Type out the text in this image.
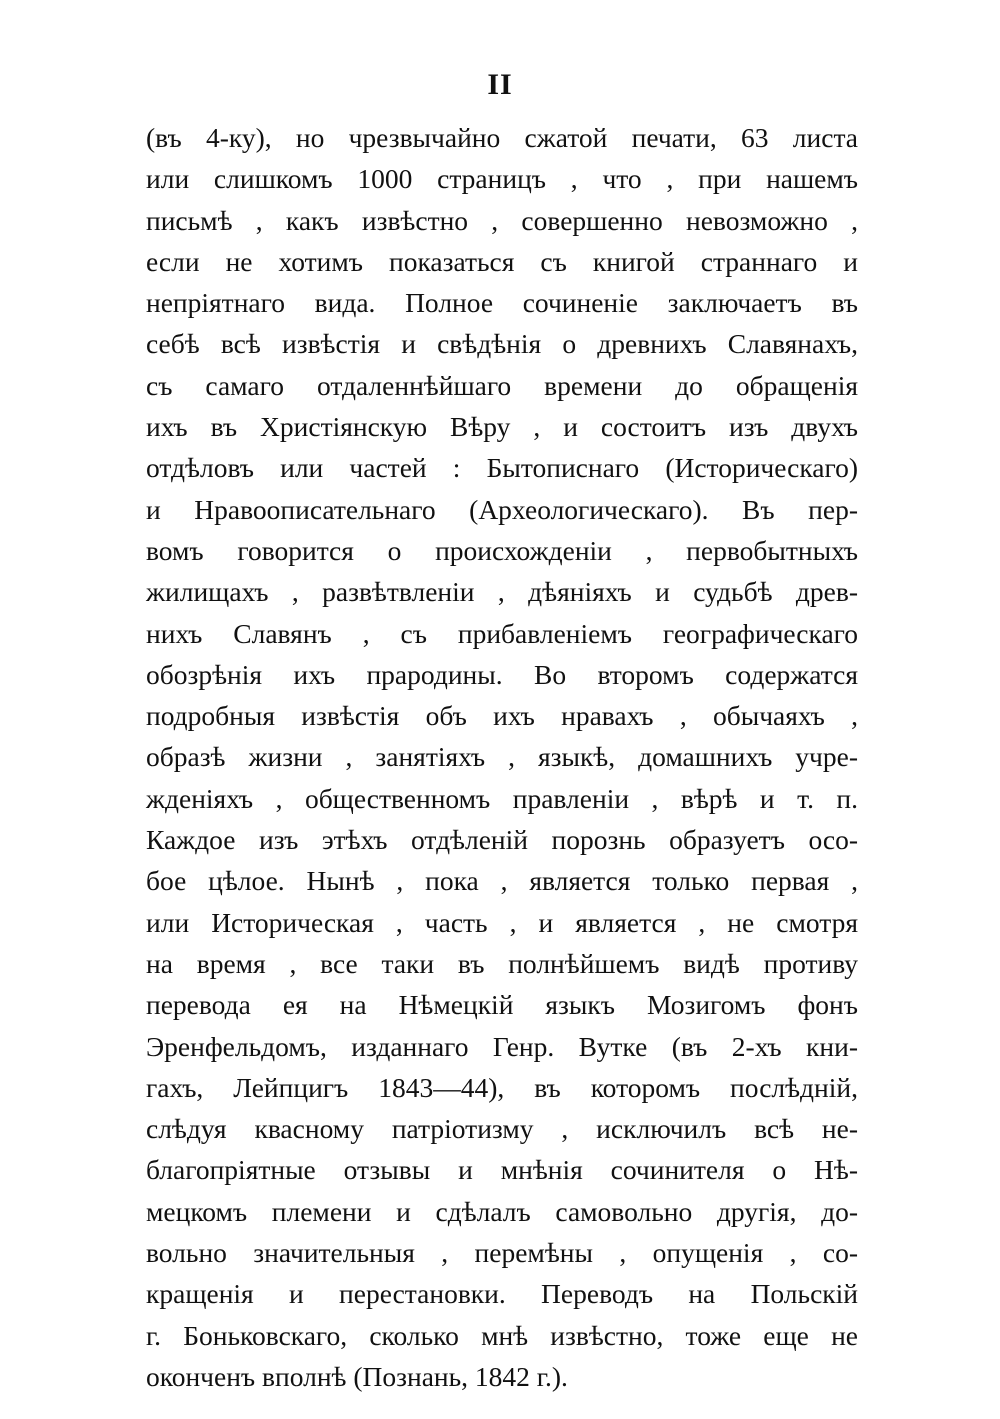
II
(въ 4-ку), но чрезвычайно сжатой печати, 63 листа
или слишкомъ 1000 страницъ , что , при нашемъ
письмѣ , какъ извѣстно , совершенно невозможно ,
если не хотимъ показаться съ книгой страннаго и
непріятнаго вида. Полное сочиненіе заключаетъ въ
себѣ всѣ извѣстія и свѣдѣнія о древнихъ Славянахъ,
съ самаго отдаленнѣйшаго времени до обращенія
ихъ въ Христіянскую Вѣру , и состоитъ изъ двухъ
отдѣловъ или частей : Бытописнаго (Историческаго)
и Нравоописательнаго (Археологическаго). Въ пер-
вомъ говорится о происхожденіи , первобытныхъ
жилищахъ , развѣтвленіи , дѣяніяхъ и судьбѣ древ-
нихъ Славянъ , съ прибавленіемъ географическаго
обозрѣнія ихъ прародины. Во второмъ содержатся
подробныя извѣстія объ ихъ нравахъ , обычаяхъ ,
образѣ жизни , занятіяхъ , языкѣ, домашнихъ учре-
жденіяхъ , общественномъ правленіи , вѣрѣ и т. п.
Каждое изъ этѣхъ отдѣленій порознь образуетъ осо-
бое цѣлое. Нынѣ , пока , является только первая ,
или Историческая , часть , и является , не смотря
на время , все таки въ полнѣйшемъ видѣ противу
перевода ея на Нѣмецкій языкъ Мозигомъ фонъ
Эренфельдомъ, изданнаго Генр. Вутке (въ 2-хъ кни-
гахъ, Лейпцигъ 1843—44), въ которомъ послѣдній,
слѣдуя квасному патріотизму , исключилъ всѣ не-
благопріятные отзывы и мнѣнія сочинителя о Нѣ-
мецкомъ племени и сдѣлалъ самовольно другія, до-
вольно значительныя , перемѣны , опущенія , со-
кращенія и перестановки. Переводъ на Польскій
г. Боньковскаго, сколько мнѣ извѣстно, тоже еще не
оконченъ вполнѣ (Познань, 1842 г.).
